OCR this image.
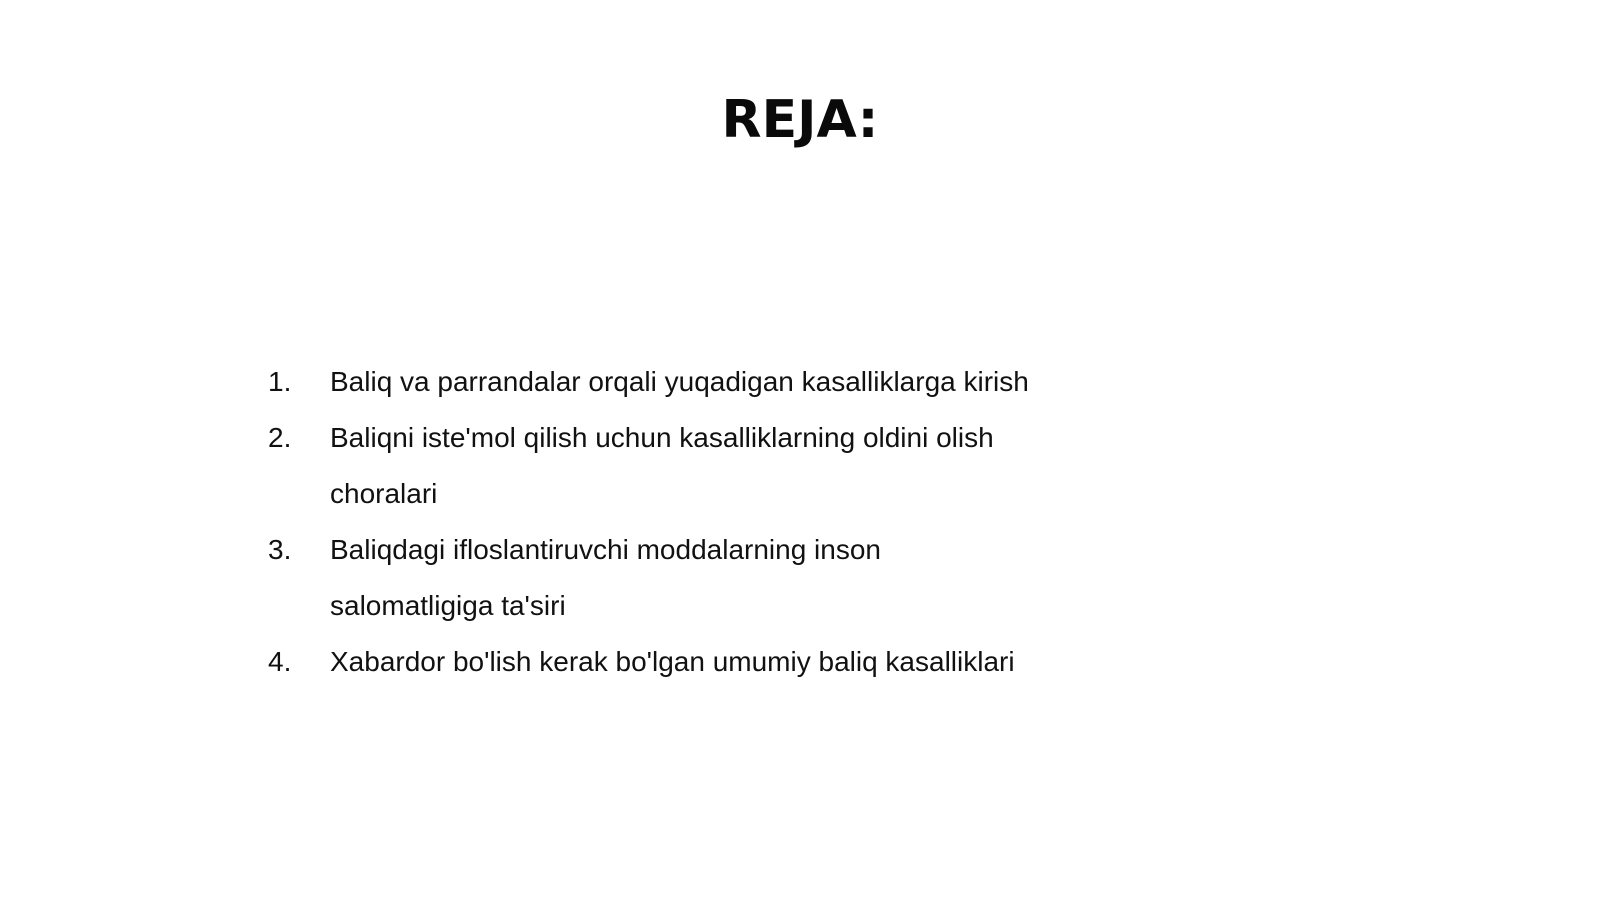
REJA:
1.	Baliq va parrandalar orqali yuqadigan kasalliklarga kirish
2.	Baliqni iste'mol qilish uchun kasalliklarning oldini olish choralari
3.	Baliqdagi ifloslantiruvchi moddalarning inson salomatligiga ta'siri
4.	Xabardor bo'lish kerak bo'lgan umumiy baliq kasalliklari
